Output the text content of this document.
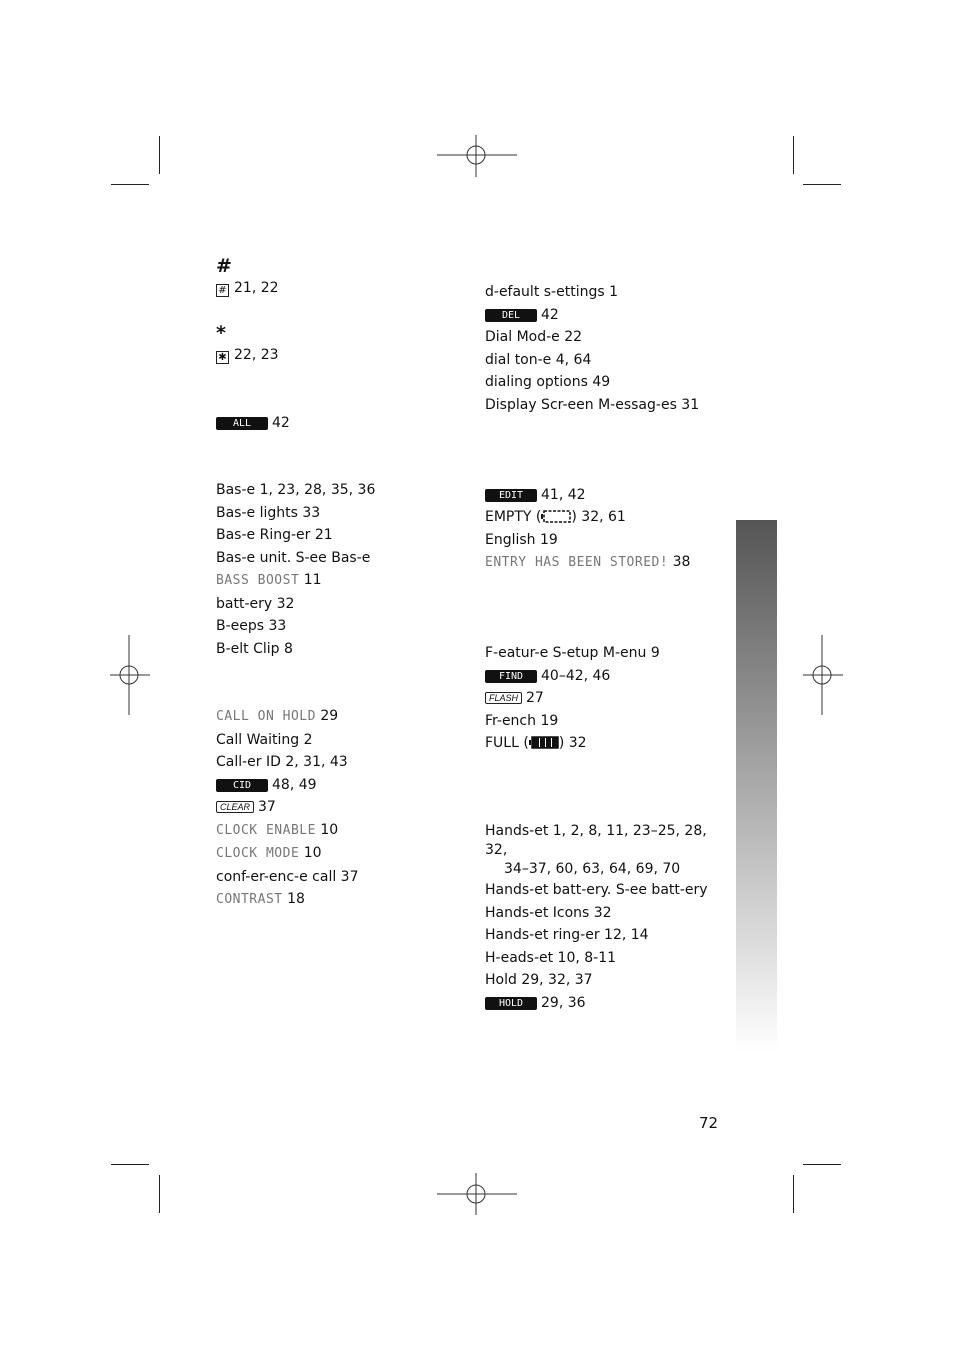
#
# 21, 22
*
✱ 22, 23
ALL 42
Bas-e 1, 23, 28, 35, 36
Bas-e lights 33
Bas-e Ring-er 21
Bas-e unit. S-ee Bas-e
BASS BOOST 11
batt-ery 32
B-eeps 33
B-elt Clip 8
CALL ON HOLD 29
Call Waiting 2
Call-er ID 2, 31, 43
CID 48, 49
CLEAR 37
CLOCK ENABLE 10
CLOCK MODE 10
conf-er-enc-e call 37
CONTRAST 18
d-efault s-ettings 1
DEL 42
Dial Mod-e 22
dial ton-e 4, 64
dialing options 49
Display Scr-een M-essag-es 31
EDIT 41, 42
EMPTY ( ) 32, 61
English 19
ENTRY HAS BEEN STORED! 38
F-eatur-e S-etup M-enu 9
FIND 40–42, 46
FLASH 27
Fr-ench 19
FULL ( ) 32
Hands-et 1, 2, 8, 11, 23–25, 28, 32,
34–37, 60, 63, 64, 69, 70
Hands-et batt-ery. S-ee batt-ery
Hands-et Icons 32
Hands-et ring-er 12, 14
H-eads-et 10, 8-11
Hold 29, 32, 37
HOLD 29, 36
72
